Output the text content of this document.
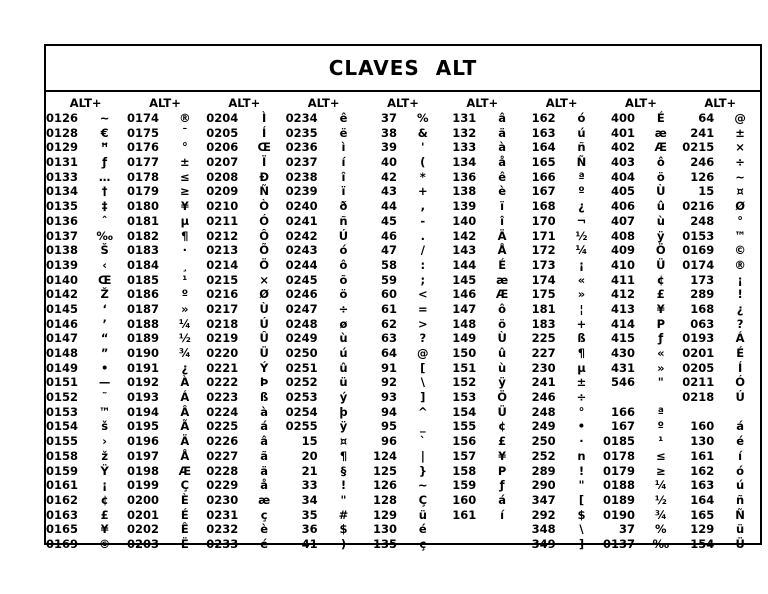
CLAVES  ALT
ALT+
0126	~
0128	€
0129	ꟸ
0131	ƒ
0133	…
0134	†
0135	‡
0136	ˆ
0137	‰
0138	Š
0139	‹
0140	Œ
0142	Ž
0145	‘
0146	’
0147	“
0148	”
0149	•
0151	—
0152	˜
0153	™
0154	š
0155	›
0158	ž
0159	Ÿ
0161	¡
0162	¢
0163	£
0165	¥
0169	©
ALT+
0174	®
0175	¯
0176	°
0177	±
0178	≤
0179	≥
0180	¥
0181	µ
0182	¶
0183	·
0184	¸
0185	¹
0186	º
0187	»
0188	¼
0189	½
0190	¾
0191	¿
0192	À
0193	Á
0194	Â
0195	Ã
0196	Ä
0197	Å
0198	Æ
0199	Ç
0200	È
0201	É
0202	Ê
0203	Ë
ALT+
0204	Ì
0205	Í
0206	Œ
0207	Ï
0208	Ð
0209	Ñ
0210	Ò
0211	Ó
0212	Ô
0213	Õ
0214	Ö
0215	×
0216	Ø
0217	Ù
0218	Ú
0219	Û
0220	Ü
0221	Ý
0222	Þ
0223	ß
0224	à
0225	á
0226	â
0227	ã
0228	ä
0229	å
0230	æ
0231	ç
0232	è
0233	é
ALT+
0234	ê
0235	ë
0236	ì
0237	í
0238	î
0239	ï
0240	ð
0241	ñ
0242	Ú
0243	ó
0244	ô
0245	õ
0246	ö
0247	÷
0248	ø
0249	ù
0250	ú
0251	û
0252	ü
0253	ý
0254	þ
0255	ÿ
15	¤
20	¶
21	§
33	!
34	"
35	#
36	$
41	)
ALT+
37	%
38	&
39	'
40	(
42	*
43	+
44	,
45	-
46	.
47	/
58	:
59	;
60	<
61	=
62	>
63	?
64	@
91	[
92	\
93	]
94	^
95	_
96	`
124	|
125	}
126	~
128	Ç
129	ü
130	é
135	ç
ALT+
131	â
132	ä
133	à
134	å
136	ê
138	è
139	ï
140	î
142	Ä
143	Å
144	É
145	æ
146	Æ
147	ô
148	ö
149	Ù
150	û
151	ù
152	ÿ
153	Ö
154	Ü
155	¢
156	£
157	¥
158	P
159	ƒ
160	á
161	í
ALT+
162	ó
163	ú
164	ñ
165	Ñ
166	ª
167	º
168	¿
170	¬
171	½
172	¼
173	¡
174	«
175	»
181	¦
183	+
225	ß
227	¶
230	µ
241	±
246	÷
248	°
249	•
250	·
252	n
289	!
290	"
347	[
292	$
348	\
349	]
ALT+
400	É
401	æ
402	Æ
403	ô
404	ö
405	Ù
406	û
407	ù
408	ÿ
409	Ö
410	Ü
411	¢
412	£
413	¥
414	P
415	ƒ
430	«
431	»
546	"
166	ª
167	º
0185	¹
0178	≤
0179	≥
0188	¼
0189	½
0190	¾
37	%
0137	‰
ALT+
64	@
241	±
0215	×
246	÷
126	~
15	¤
0216	Ø
248	°
0153	™
0169	©
0174	®
173	¡
289	!
168	¿
063	?
0193	Á
0201	É
0205	Í
0211	Ó
0218	Ú
160	á
130	é
161	í
162	ó
163	ú
164	ñ
165	Ñ
129	ü
154	Ü
